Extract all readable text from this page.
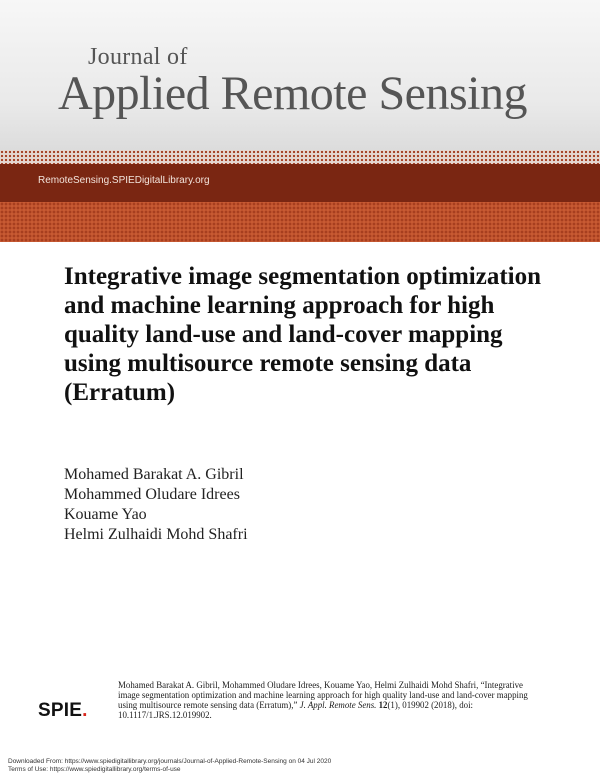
Journal of
Applied Remote Sensing
RemoteSensing.SPIEDigitalLibrary.org
Integrative image segmentation optimization and machine learning approach for high quality land-use and land-cover mapping using multisource remote sensing data (Erratum)
Mohamed Barakat A. Gibril
Mohammed Oludare Idrees
Kouame Yao
Helmi Zulhaidi Mohd Shafri
SPIE.
Mohamed Barakat A. Gibril, Mohammed Oludare Idrees, Kouame Yao, Helmi Zulhaidi Mohd Shafri, “Integrative image segmentation optimization and machine learning approach for high quality land-use and land-cover mapping using multisource remote sensing data (Erratum),” J. Appl. Remote Sens. 12(1), 019902 (2018), doi: 10.1117/1.JRS.12.019902.
Downloaded From: https://www.spiedigitallibrary.org/journals/Journal-of-Applied-Remote-Sensing on 04 Jul 2020
Terms of Use: https://www.spiedigitallibrary.org/terms-of-use
